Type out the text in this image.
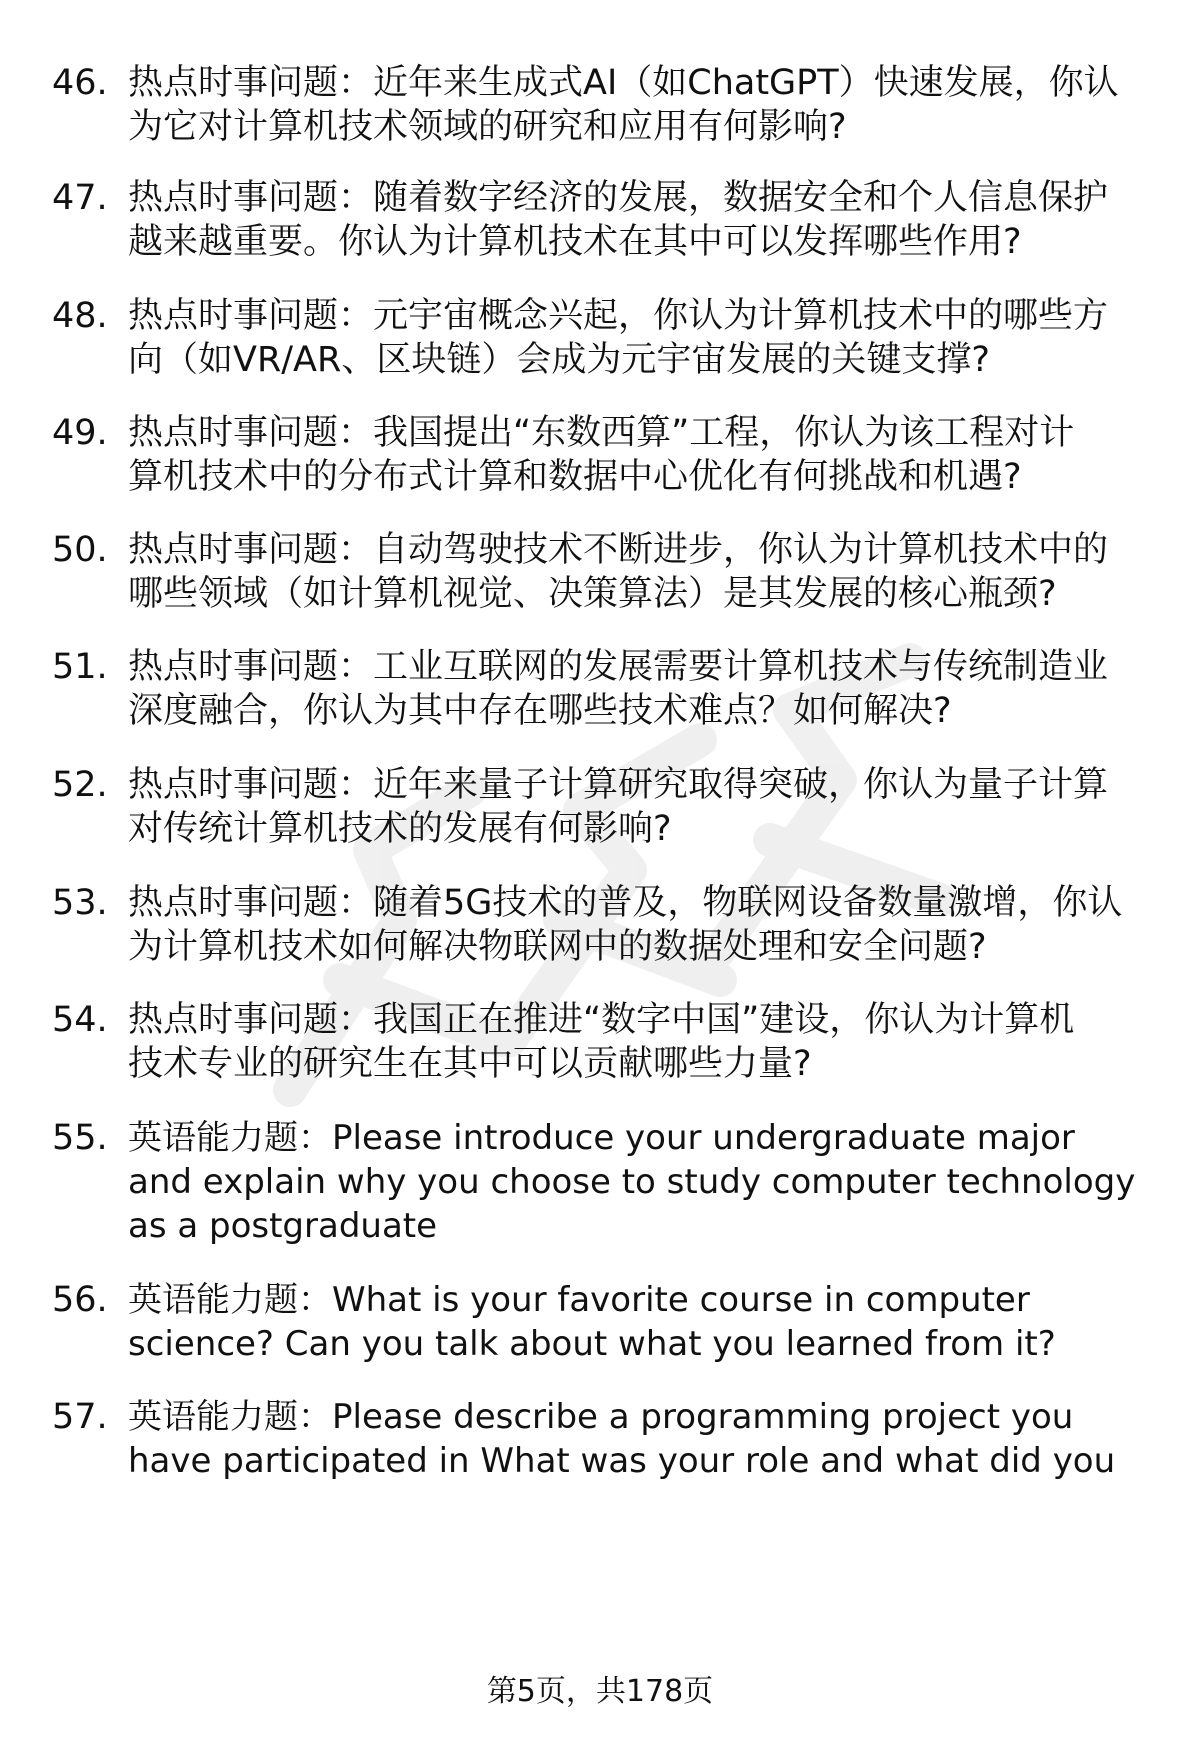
46. 热点时事问题：近年来生成式AI（如ChatGPT）快速发展，你认
为它对计算机技术领域的研究和应用有何影响?
47. 热点时事问题：随着数字经济的发展，数据安全和个人信息保护
越来越重要。你认为计算机技术在其中可以发挥哪些作用?
48. 热点时事问题：元宇宙概念兴起，你认为计算机技术中的哪些方
向（如VR/AR、区块链）会成为元宇宙发展的关键支撑?
49. 热点时事问题：我国提出“东数西算”工程，你认为该工程对计
算机技术中的分布式计算和数据中心优化有何挑战和机遇?
50. 热点时事问题：自动驾驶技术不断进步，你认为计算机技术中的
哪些领域（如计算机视觉、决策算法）是其发展的核心瓶颈?
51. 热点时事问题：工业互联网的发展需要计算机技术与传统制造业
深度融合，你认为其中存在哪些技术难点？如何解决?
52. 热点时事问题：近年来量子计算研究取得突破，你认为量子计算
对传统计算机技术的发展有何影响?
53. 热点时事问题：随着5G技术的普及，物联网设备数量激增，你认
为计算机技术如何解决物联网中的数据处理和安全问题?
54. 热点时事问题：我国正在推进“数字中国”建设，你认为计算机
技术专业的研究生在其中可以贡献哪些力量?
55. 英语能力题：Please introduce your undergraduate major
and explain why you choose to study computer technology
as a postgraduate
56. 英语能力题：What is your favorite course in computer
science? Can you talk about what you learned from it?
57. 英语能力题：Please describe a programming project you
have participated in What was your role and what did you
第5页，共178页
